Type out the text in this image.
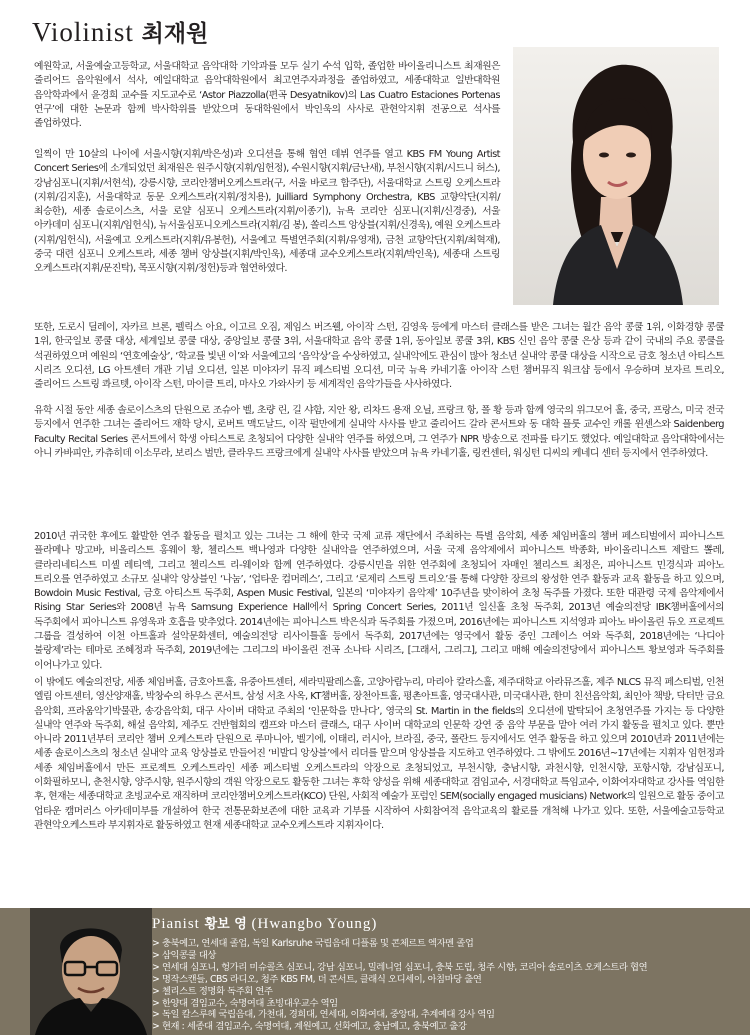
Violinist 최재원

예원학교, 서울예술고등학교, 서울대학교 음악대학 기악과를 모두 실기 수석 입학, 졸업한 바이올리니스트 최재원은 줄리어드 음악원에서 석사, 예일대학교 음악대학원에서 최고연주자과정을 졸업하였고, 세종대학교 일반대학원 음악학과에서 윤경희 교수를 지도교수로 ‘Astor Piazzolla(편곡 Desyatnikov)의 Las Cuatro Estaciones Portenas 연구’에 대한 논문과 함께 박사학위를 받았으며 동대학원에서 박인욱의 사사로 관현악지휘 전공으로 석사를 졸업하였다.

일찍이 만 10살의 나이에 서울시향(지휘/박은성)과 오디션을 통해 협연 데뷔 연주를 열고 KBS FM Young Artist Concert Series에 소개되었던 최재원은 원주시향(지휘/임헌정), 수원시향(지휘/금난새), 부천시향(지휘/시드니 허스), 강남심포니(지휘/서현석), 강릉시향, 코리안챔버오케스트라(구, 서울 바로크 합주단), 서울대학교 스트링 오케스트라(지휘/김지훈), 서울대학교 동문 오케스트라(지휘/정치용), Juilliard Symphony Orchestra, KBS 교향악단(지휘/최승한), 세종 솔로이스츠, 서울 로얄 심포니 오케스트라(지휘/이종기), 뉴욕 코리안 심포니(지휘/신경중), 서울 아카데미 심포니(지휘/임헌식), 뉴서울심포니오케스트라(지휘/김 봉), 쏠리스트 앙상블(지휘/신경욱), 예원 오케스트라(지휘/임헌식), 서울예고 오케스트라(지휘/유봉헌), 서울예고 특별연주회(지휘/유영재), 금천 교향악단(지휘/최혁재), 중국 대련 심포니 오케스트라, 세종 챔버 앙상블(지휘/박인욱), 세종대 교수오케스트라(지휘/박인욱), 세종대 스트링 오케스트라(지휘/문진탁), 목포시향(지휘/정헌)등과 협연하였다.

또한, 도로시 딜레이, 자카르 브론, 펠릭스 아요, 이고르 오짐, 제임스 버즈웰, 아이작 스턴, 김영욱 등에게 마스터 클래스를 받은 그녀는 월간 음악 콩쿨 1위, 이화경향 콩쿨 1위, 한국일보 콩쿨 대상, 세계일보 콩쿨 대상, 중앙일보 콩쿨 3위, 서울대학교 음악 콩쿨 1위, 동아일보 콩쿨 3위, KBS 신인 음악 콩쿨 은상 등과 같이 국내의 주요 콩쿨을 석권하였으며 예원의 ‘연호예술상’, ‘학교를 빛낸 이’와 서울예고의 ‘음악상’을 수상하였고, 실내악에도 관심이 많아 청소년 실내악 콩쿨 대상을 시작으로 금호 청소년 아티스트 시리즈 오디션, LG 아트센터 개관 기념 오디션, 일본 미야자키 뮤직 페스티벌 오디션, 미국 뉴욕 카네기홀 아이작 스턴 챔버뮤직 워크샵 등에서 우승하며 보자르 트리오, 줄리어드 스트링 콰르텟, 아이작 스턴, 마이클 트리, 마사오 가와사키 등 세계적인 음악가들을 사사하였다.

유학 시절 동안 세종 솔로이스츠의 단원으로 조슈아 벨, 초량 린, 길 샤함, 지안 왕, 리차드 용재 오닐, 프랑크 항, 폴 황 등과 함께 영국의 위그모어 홀, 중국, 프랑스, 미국 전국 등지에서 연주한 그녀는 줄리어드 재학 당시, 로버트 맥도날드, 이작 펄만에게 실내악 사사를 받고 줄리어드 갈라 콘서트와 동 대학 플룻 교수인 캐롤 윈센스와 Saidenberg Faculty Recital Series 콘서트에서 학생 아티스트로 초청되어 다양한 실내악 연주를 하였으며, 그 연주가 NPR 방송으로 전파를 타기도 했었다. 예일대학교 음악대학에서는 아니 카바피안, 카츄히데 이소무라, 보리스 벌만, 클라우드 프랑크에게 실내악 사사를 받았으며 뉴욕 카네기홀, 링컨센터, 워싱턴 디씨의 케네디 센터 등지에서 연주하였다.

2010년 귀국한 후에도 활발한 연주 활동을 펼치고 있는 그녀는 그 해에 한국 국제 교류 재단에서 주최하는 특별 음악회, 세종 체임버홀의 챔버 페스티벌에서 피아니스트 플라메나 망고바, 비올리스트 홍웨이 황, 첼리스트 백나영과 다양한 실내악을 연주하였으며, 서울 국제 음악제에서 피아니스트 박종화, 바이올리니스트 제랄드 뽈레, 클라리네티스트 미셸 레티엑, 그리고 첼리스트 리-웨이와 함께 연주하였다. 강릉시민을 위한 연주회에 초청되어 자매인 첼리스트 최정은, 피아니스트 민경식과 피아노 트리오를 연주하였고 소규모 실내악 앙상블인 ‘나눔’, ‘업타운 컴머레스’, 그리고 ‘로제리 스트링 트리오’를 통해 다양한 장르의 왕성한 연주 활동과 교육 활동을 하고 있으며, Bowdoin Music Festival, 금호 아티스트 독주회, Aspen Music Festival, 일본의 ‘미야자키 음악제’ 10주년을 맞이하여 초청 독주를 가졌다. 또한 대관령 국제 음악제에서 Rising Star Series와 2008년 뉴욕 Samsung Experience Hall에서 Spring Concert Series, 2011년 일신홀 초청 독주회, 2013년 예술의전당 IBK챔버홀에서의 독주회에서 피아니스트 유영욱과 호흡을 맞추었다. 2014년에는 피아니스트 박은식과 독주회를 가졌으며, 2016년에는 피아니스트 지석영과 피아노 바이올린 듀오 프로젝트 그룹을 결성하여 이천 아트홀과 설악문화센터, 예술의전당 리사이틀홀 등에서 독주회, 2017년에는 영국에서 활동 중인 그레이스 여와 독주회, 2018년에는 ‘나디아 불랑제’라는 테마로 조혜정과 독주회, 2019년에는 그리그의 바이올린 전곡 소나타 시리즈, [그래서, 그리그], 그리고 매해 예술의전당에서 피아니스트 황보영과 독주회를 이어나가고 있다.

이 밖에도 예술의전당, 세종 체임버홀, 금호아트홀, 유중아트센터, 세라믹팔레스홀, 고양아람누리, 마리아 칼라스홀, 제주대학교 아라뮤즈홀, 제주 NLCS 뮤직 페스티벌, 인천 엘림 아트센터, 영산양재홀, 박창수의 하우스 콘서트, 삼성 서초 사옥, KT챔버홀, 장천아트홀, 평촌아트홀, 영국대사관, 미국대사관, 한미 친선음악회, 최인아 책방, 닥터만 금요 음악회, 프라움악기박물관, 송강음악회, 대구 사이버 대학교 주최의 ‘인문학을 만나다’, 영국의 St. Martin in the fields의 오디션에 발탁되어 초청연주를 가지는 등 다양한 실내악 연주와 독주회, 해설 음악회, 제주도 건반협회의 캠프와 마스터 클래스, 대구 사이버 대학교의 인문학 강연 중 음악 부문을 맡아 여러 가지 활동을 펼치고 있다. 뿐만 아니라 2011년부터 코리안 챔버 오케스트라 단원으로 루마니아, 벨기에, 이태리, 러시아, 브라질, 중국, 폴란드 등지에서도 연주 활동을 하고 있으며 2010년과 2011년에는 세종 솔로이스츠의 청소년 실내악 교육 앙상블로 만들어진 ‘비발디 앙상블’에서 리더를 맡으며 앙상블을 지도하고 연주하였다. 그 밖에도 2016년~17년에는 지휘자 임헌정과 세종 체임버홀에서 만든 프로젝트 오케스트라인 세종 페스티벌 오케스트라의 악장으로 초청되었고, 부천시향, 충남시향, 과천시향, 인천시향, 포항시향, 강남심포니, 이화필하모니, 춘천시향, 양주시향, 원주시향의 객원 악장으로도 활동한 그녀는 후학 양성을 위해 세종대학교 겸임교수, 서경대학교 특임교수, 이화여자대학교 강사를 역임한 후, 현재는 세종대학교 초빙교수로 재직하며 코리안챔버오케스트라(KCO) 단원, 사회적 예술가 포럼인 SEM(socially engaged musicians) Network의 일원으로 활동 중이고 업타운 캠머러스 아카데미부를 개설하여 한국 전통문화보존에 대한 교육과 기부를 시작하여 사회참여적 음악교육의 활로를 개척해 나가고 있다. 또한, 서울예술고등학교 관현악오케스트라 부지휘자로 활동하였고 현재 세종대학교 교수오케스트라 지휘자이다.

Pianist 황보 영 (Hwangbo Young)
> 충북예고, 연세대 졸업, 독일 Karlsruhe 국립음대 디플롬 및 콘체르트 엑자멘 졸업
> 삼익콩쿨 대상
> 연세대 심포니, 헝가리 미슈콜츠 심포니, 강남 심포니, 밀레니엄 심포니, 충북 도립, 청주 시향, 코리아 솔로이츠 오케스트라 협연
> 명작스캔들, CBS 라디오, 청주 KBS FM, 더 콘서트, 클래식 오디세이, 아침마당 출연
> 첼리스트 정명화 독주회 연주
> 한양대 겸임교수, 숙명여대 초빙대우교수 역임
> 독일 칼스루헤 국립음대, 가천대, 경희대, 연세대, 이화여대, 중앙대, 추계예대 강사 역임
> 현재 : 세종대 겸임교수, 숙명여대, 계원예고, 선화예고, 충남예고, 충북예고 출강
